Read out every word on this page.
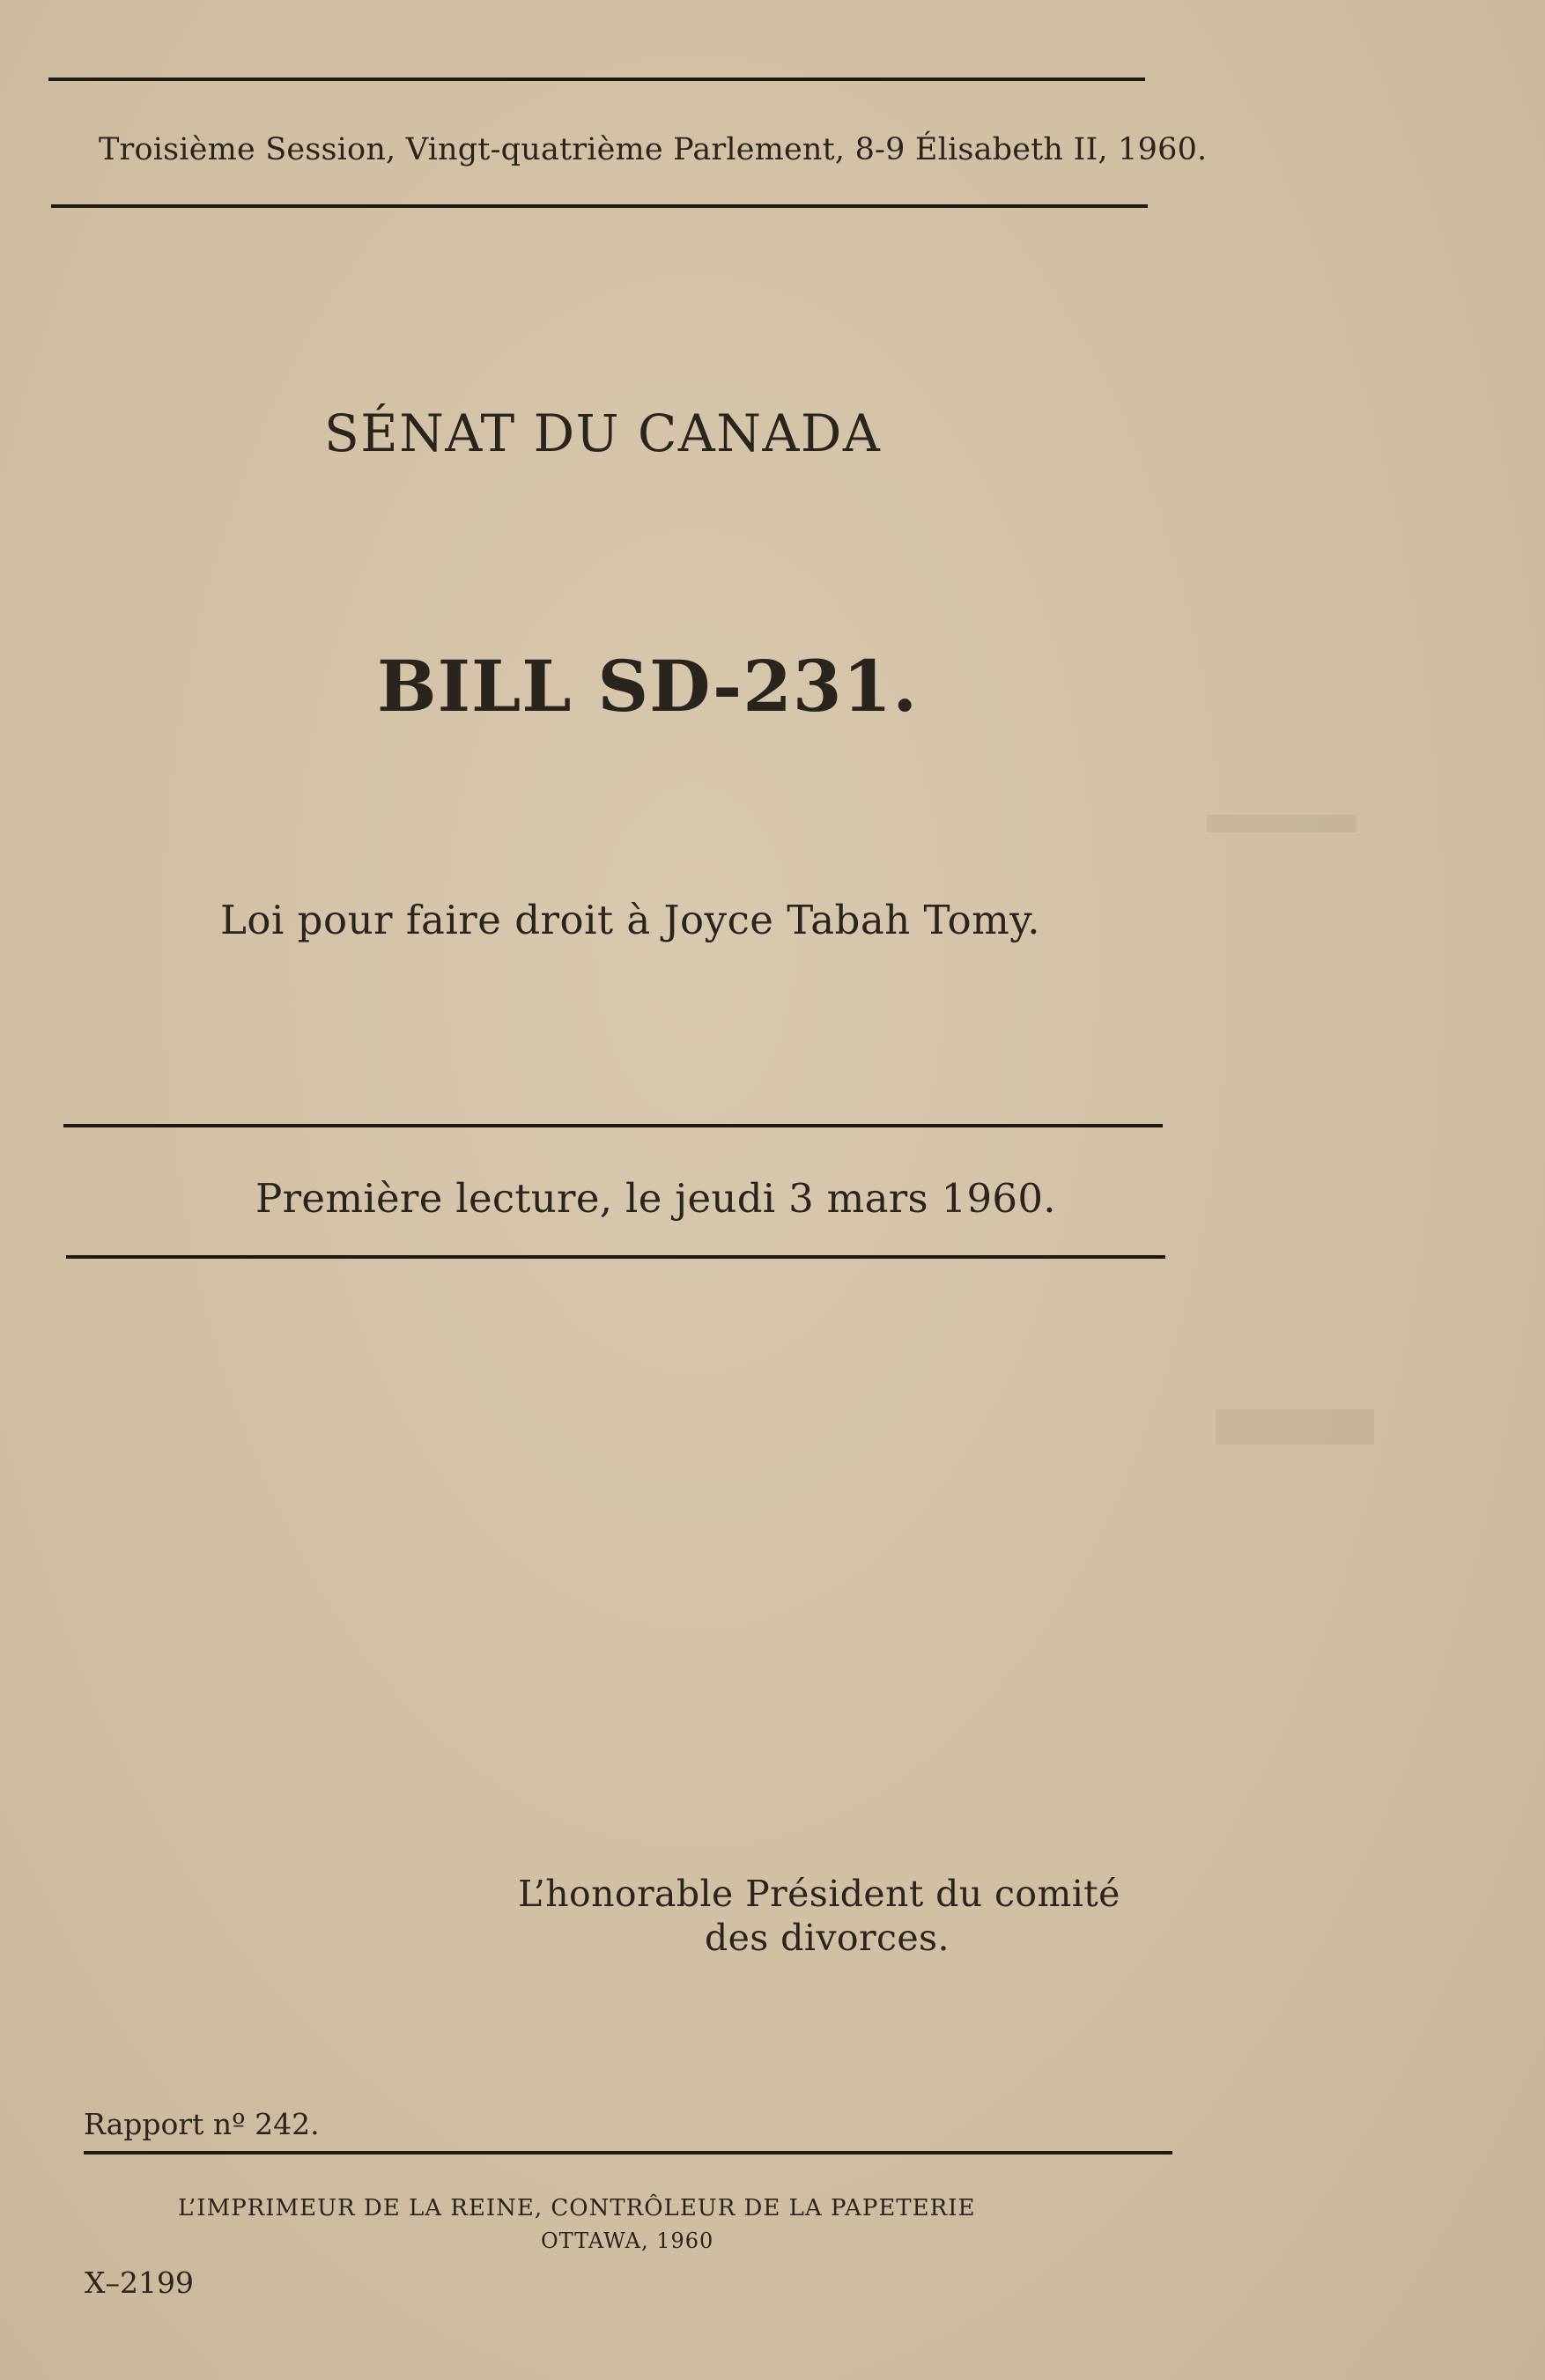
Troisième Session, Vingt-quatrième Parlement, 8-9 Élisabeth II, 1960.
SÉNAT DU CANADA
BILL SD-231.
Loi pour faire droit à Joyce Tabah Tomy.
Première lecture, le jeudi 3 mars 1960.
L’honorable Président du comité
des divorces.
Rapport nº 242.
L’IMPRIMEUR DE LA REINE, CONTRÔLEUR DE LA PAPETERIE
OTTAWA, 1960
X–2199
